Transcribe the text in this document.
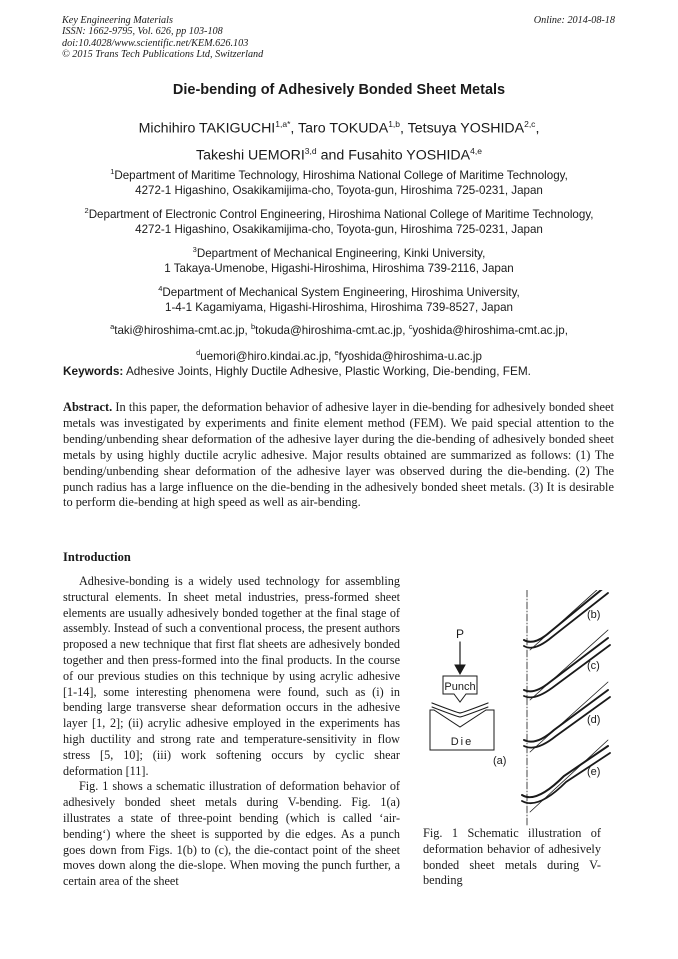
Key Engineering Materials
ISSN: 1662-9795, Vol. 626, pp 103-108
doi:10.4028/www.scientific.net/KEM.626.103
© 2015 Trans Tech Publications Ltd, Switzerland
Online: 2014-08-18
Die-bending of Adhesively Bonded Sheet Metals
Michihiro $TAKIGUCHI^{1,a*}$, Taro TOKUDA$^{1,b}$, Tetsuya YOSHIDA$^{2,c}$,
Takeshi UEMORI$^{3,d}$ and Fusahito YOSHIDA$^{4,e}$

$^1$Department of Maritime Technology, Hiroshima National College of Maritime Technology,
4272-1 Higashino, Osakikamijima-cho, Toyota-gun, Hiroshima 725-0231, Japan

$^2$Department of Electronic Control Engineering, Hiroshima National College of Maritime Technology,
4272-1 Higashino, Osakikamijima-cho, Toyota-gun, Hiroshima 725-0231, Japan

$^3$Department of Mechanical Engineering, Kinki University,
1 Takaya-Umenobe, Higashi-Hiroshima, Hiroshima 739-2116, Japan

$^4$Department of Mechanical System Engineering, Hiroshima University,
1-4-1 Kagamiyama, Higashi-Hiroshima, Hiroshima 739-8527, Japan

$^a$taki@hiroshima-cmt.ac.jp, $^b$tokuda@hiroshima-cmt.ac.jp, $^c$yoshida@hiroshima-cmt.ac.jp,

$^d$uemori@hiro.kindai.ac.jp, $^e$fyoshida@hiroshima-u.ac.jp

Keywords: Adhesive Joints, Highly Ductile Adhesive, Plastic Working, Die-bending, FEM.
Abstract. In this paper, the deformation behavior of adhesive layer in die-bending for adhesively bonded sheet metals was investigated by experiments and finite element method (FEM). We paid special attention to the bending/unbending shear deformation of the adhesive layer during the die-bending of adhesively bonded sheet metals by using highly ductile acrylic adhesive. Major results obtained are summarized as follows: (1) The bending/unbending shear deformation of the adhesive layer was observed during the die-bending. (2) The punch radius has a large influence on the die-bending in the adhesively bonded sheet metals. (3) It is desirable to perform die-bending at high speed as well as air-bending.
Introduction

Adhesive-bonding is a widely used technology for assembling structural elements. In sheet metal industries, press-formed sheet elements are usually adhesively bonded together at the final stage of assembly. Instead of such a conventional process, the present authors proposed a new technique that first flat sheets are adhesively bonded together and then press-formed into the final products. In the course of our previous studies on this technique by using acrylic adhesive [1-14], some interesting phenomena were found, such as (i) in bending large transverse shear deformation occurs in the adhesive layer [1, 2]; (ii) acrylic adhesive employed in the experiments has high ductility and strong rate and temperature-sensitivity in flow stress [5, 10]; (iii) work softening occurs by cyclic shear deformation [11].

Fig. 1 shows a schematic illustration of deformation behavior of adhesively bonded sheet metals during V-bending. Fig. 1(a) illustrates a state of three-point bending (which is called ‘air-bending‘) where the sheet is supported by die edges. As a punch goes down from Figs. 1(b) to (c), the die-contact point of the sheet moves down along the die-slope. When moving the punch further, a certain area of the sheet

P
Punch
Die
(a)
(b)
(c)
(d)
(e)
Fig. 1 Schematic illustration of deformation behavior of adhesively bonded sheet metals during V-bending
